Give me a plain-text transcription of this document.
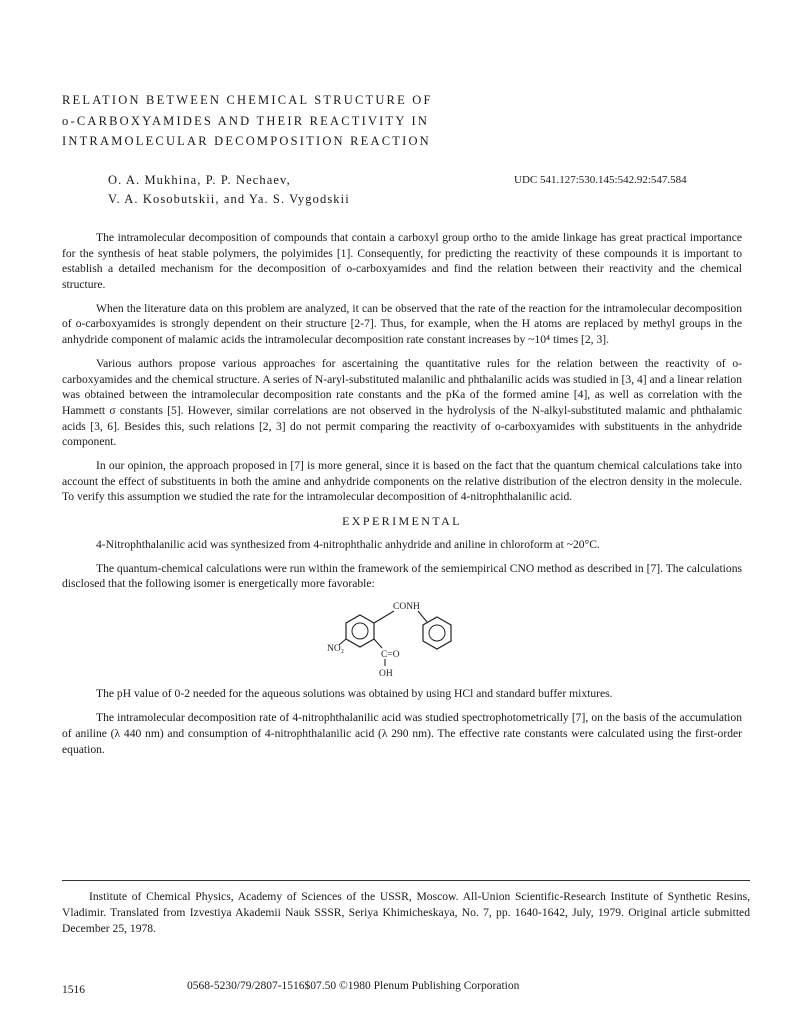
RELATION BETWEEN CHEMICAL STRUCTURE OF
o-CARBOXYAMIDES AND THEIR REACTIVITY IN
INTRAMOLECULAR DECOMPOSITION REACTION
O. A. Mukhina, P. P. Nechaev,
V. A. Kosobutskii, and Ya. S. Vygodskii
UDC 541.127:530.145:542.92:547.584

The intramolecular decomposition of compounds that contain a carboxyl group ortho to the amide linkage has great practical importance for the synthesis of heat stable polymers, the polyimides [1]. Consequently, for predicting the reactivity of these compounds it is important to establish a detailed mechanism for the decomposition of o-carboxyamides and find the relation between their reactivity and the chemical structure.

When the literature data on this problem are analyzed, it can be observed that the rate of the reaction for the intramolecular decomposition of o-carboxyamides is strongly dependent on their structure [2-7]. Thus, for example, when the H atoms are replaced by methyl groups in the anhydride component of malamic acids the intramolecular decomposition rate constant increases by ~10⁴ times [2, 3].

Various authors propose various approaches for ascertaining the quantitative rules for the relation between the reactivity of o-carboxyamides and the chemical structure. A series of N-aryl-substituted malanilic and phthalanilic acids was studied in [3, 4] and a linear relation was obtained between the intramolecular decomposition rate constants and the pKa of the formed amine [4], as well as correlation with the Hammett σ constants [5]. However, similar correlations are not observed in the hydrolysis of the N-alkyl-substituted malamic and phthalamic acids [3, 6]. Besides this, such relations [2, 3] do not permit comparing the reactivity of o-carboxyamides with substituents in the anhydride component.

In our opinion, the approach proposed in [7] is more general, since it is based on the fact that the quantum chemical calculations take into account the effect of substituents in both the amine and anhydride components on the relative distribution of the electron density in the molecule. To verify this assumption we studied the rate for the intramolecular decomposition of 4-nitrophthalanilic acid.

EXPERIMENTAL

4-Nitrophthalanilic acid was synthesized from 4-nitrophthalic anhydride and aniline in chloroform at ~20°C.

The quantum-chemical calculations were run within the framework of the semiempirical CNO method as described in [7]. The calculations disclosed that the following isomer is energetically more favorable:

CONH
NO₂
C=O
OH

The pH value of 0-2 needed for the aqueous solutions was obtained by using HCl and standard buffer mixtures.

The intramolecular decomposition rate of 4-nitrophthalanilic acid was studied spectrophotometrically [7], on the basis of the accumulation of aniline (λ 440 nm) and consumption of 4-nitrophthalanilic acid (λ 290 nm). The effective rate constants were calculated using the first-order equation.

Institute of Chemical Physics, Academy of Sciences of the USSR, Moscow. All-Union Scientific-Research Institute of Synthetic Resins, Vladimir. Translated from Izvestiya Akademii Nauk SSSR, Seriya Khimicheskaya, No. 7, pp. 1640-1642, July, 1979. Original article submitted December 25, 1978.

1516	0568-5230/79/2807-1516$07.50 ©1980 Plenum Publishing Corporation
